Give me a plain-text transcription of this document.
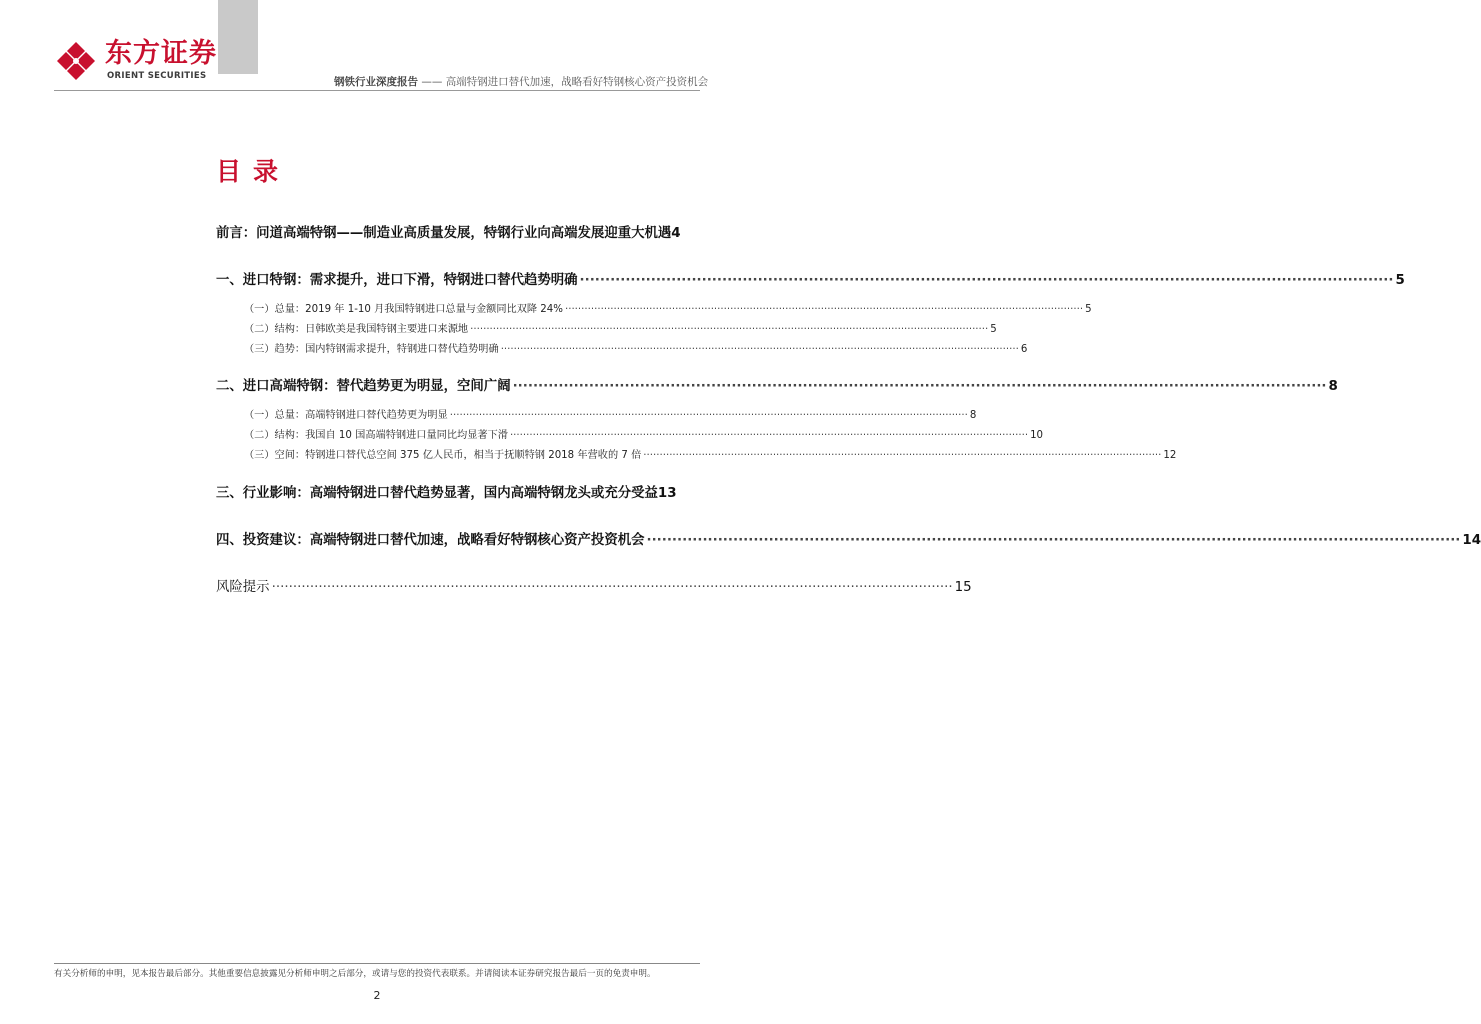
东方证券
ORIENT SECURITIES	钢铁行业深度报告 —— 高端特钢进口替代加速，战略看好特钢核心资产投资机会
目录
前言：问道高端特钢——制造业高质量发展，特钢行业向高端发展迎重大机遇 4
一、进口特钢：需求提升，进口下滑，特钢进口替代趋势明确 ·····	5
（一）总量：2019 年 1-10 月我国特钢进口总量与金额同比双降 24% ·····	5
（二）结构：日韩欧美是我国特钢主要进口来源地 ·····	5
（三）趋势：国内特钢需求提升，特钢进口替代趋势明确 ·····	6
二、进口高端特钢：替代趋势更为明显，空间广阔 ·····	8
（一）总量：高端特钢进口替代趋势更为明显 ·····	8
（二）结构：我国自 10 国高端特钢进口量同比均显著下滑 ·····	10
（三）空间：特钢进口替代总空间 375 亿人民币，相当于抚顺特钢 2018 年营收的 7 倍 ·····	12
三、行业影响：高端特钢进口替代趋势显著，国内高端特钢龙头或充分受益 13
四、投资建议：高端特钢进口替代加速，战略看好特钢核心资产投资机会 ·····	14
风险提示 ·····	15
有关分析师的申明，见本报告最后部分。其他重要信息披露见分析师申明之后部分，或请与您的投资代表联系。并请阅读本证券研究报告最后一页的免责申明。
2
